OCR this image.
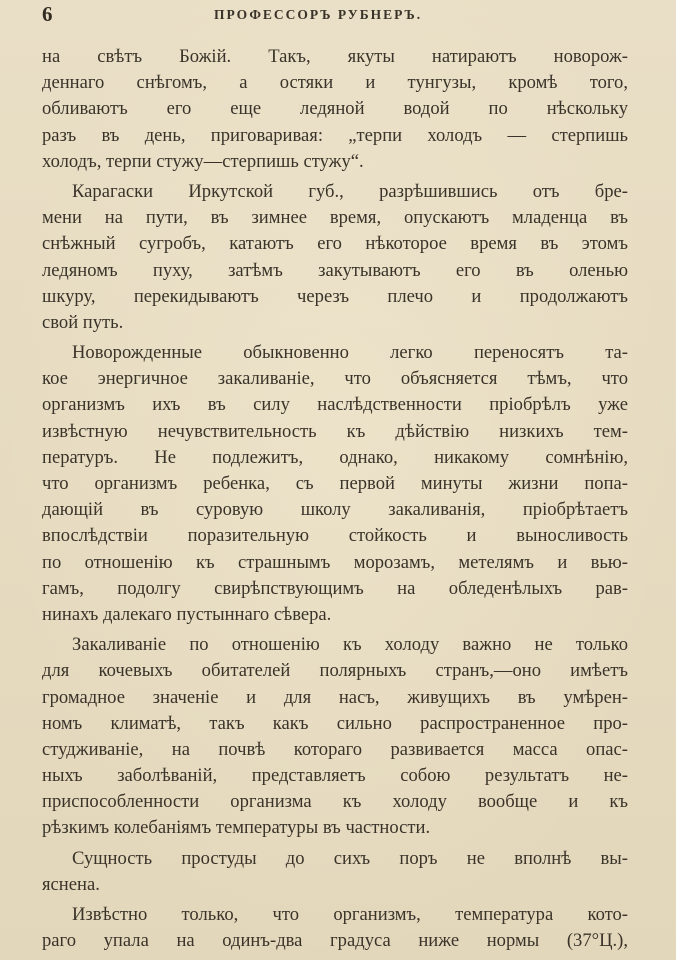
6	ПРОФЕССОРЪ РУБНЕРЪ.
на свѣтъ Божій. Такъ, якуты натираютъ новорож-
деннаго снѣгомъ, а остяки и тунгузы, кромѣ того,
обливаютъ его еще ледяной водой по нѣскольку
разъ въ день, приговаривая: „терпи холодъ — стерпишь
холодъ, терпи стужу—стерпишь стужу“.
Карагаски Иркутской губ., разрѣшившись отъ бре-
мени на пути, въ зимнее время, опускаютъ младенца въ
снѣжный сугробъ, катаютъ его нѣкоторое время въ этомъ
ледяномъ пуху, затѣмъ закутываютъ его въ оленью
шкуру, перекидываютъ черезъ плечо и продолжаютъ
свой путь.
Новорожденные обыкновенно легко переносятъ та-
кое энергичное закаливаніе, что объясняется тѣмъ, что
организмъ ихъ въ силу наслѣдственности пріобрѣлъ уже
извѣстную нечувствительность къ дѣйствію низкихъ тем-
пературъ. Не подлежитъ, однако, никакому сомнѣнію,
что организмъ ребенка, съ первой минуты жизни попа-
дающій въ суровую школу закаливанія, пріобрѣтаетъ
впослѣдствіи поразительную стойкость и выносливость
по отношенію къ страшнымъ морозамъ, метелямъ и вью-
гамъ, подолгу свирѣпствующимъ на обледенѣлыхъ рав-
нинахъ далекаго пустыннаго сѣвера.
Закаливаніе по отношенію къ холоду важно не только
для кочевыхъ обитателей полярныхъ странъ,—оно имѣетъ
громадное значеніе и для насъ, живущихъ въ умѣрен-
номъ климатѣ, такъ какъ сильно распространенное про-
студживаніе, на почвѣ котораго развивается масса опас-
ныхъ заболѣваній, представляетъ собою результатъ не-
приспособленности организма къ холоду вообще и къ
рѣзкимъ колебаніямъ температуры въ частности.
Сущность простуды до сихъ поръ не вполнѣ вы-
яснена.
Извѣстно только, что организмъ, температура кото-
раго упала на одинъ-два градуса ниже нормы (37°Ц.),
